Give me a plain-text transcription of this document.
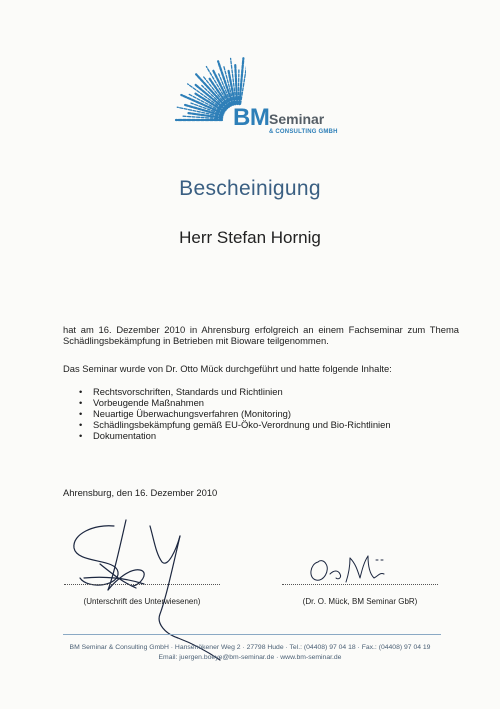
BM Seminar
& CONSULTING GMBH
Bescheinigung
Herr Stefan Hornig
hat am 16. Dezember 2010 in Ahrensburg erfolgreich an einem Fachseminar zum Thema Schädlingsbekämpfung in Betrieben mit Bioware teilgenommen.
Das Seminar wurde von Dr. Otto Mück durchgeführt und hatte folgende Inhalte:
• Rechtsvorschriften, Standards und Richtlinien
• Vorbeugende Maßnahmen
• Neuartige Überwachungsverfahren (Monitoring)
• Schädlingsbekämpfung gemäß EU-Öko-Verordnung und Bio-Richtlinien
• Dokumentation
Ahrensburg, den 16. Dezember 2010
(Unterschrift des Unterwiesenen)	(Dr. O. Mück, BM Seminar GbR)
BM Seminar & Consulting GmbH · Hansenökener Weg 2 · 27798 Hude · Tel.: (04408) 97 04 18 · Fax.: (04408) 97 04 19
Email: juergen.boeye@bm-seminar.de · www.bm-seminar.de
